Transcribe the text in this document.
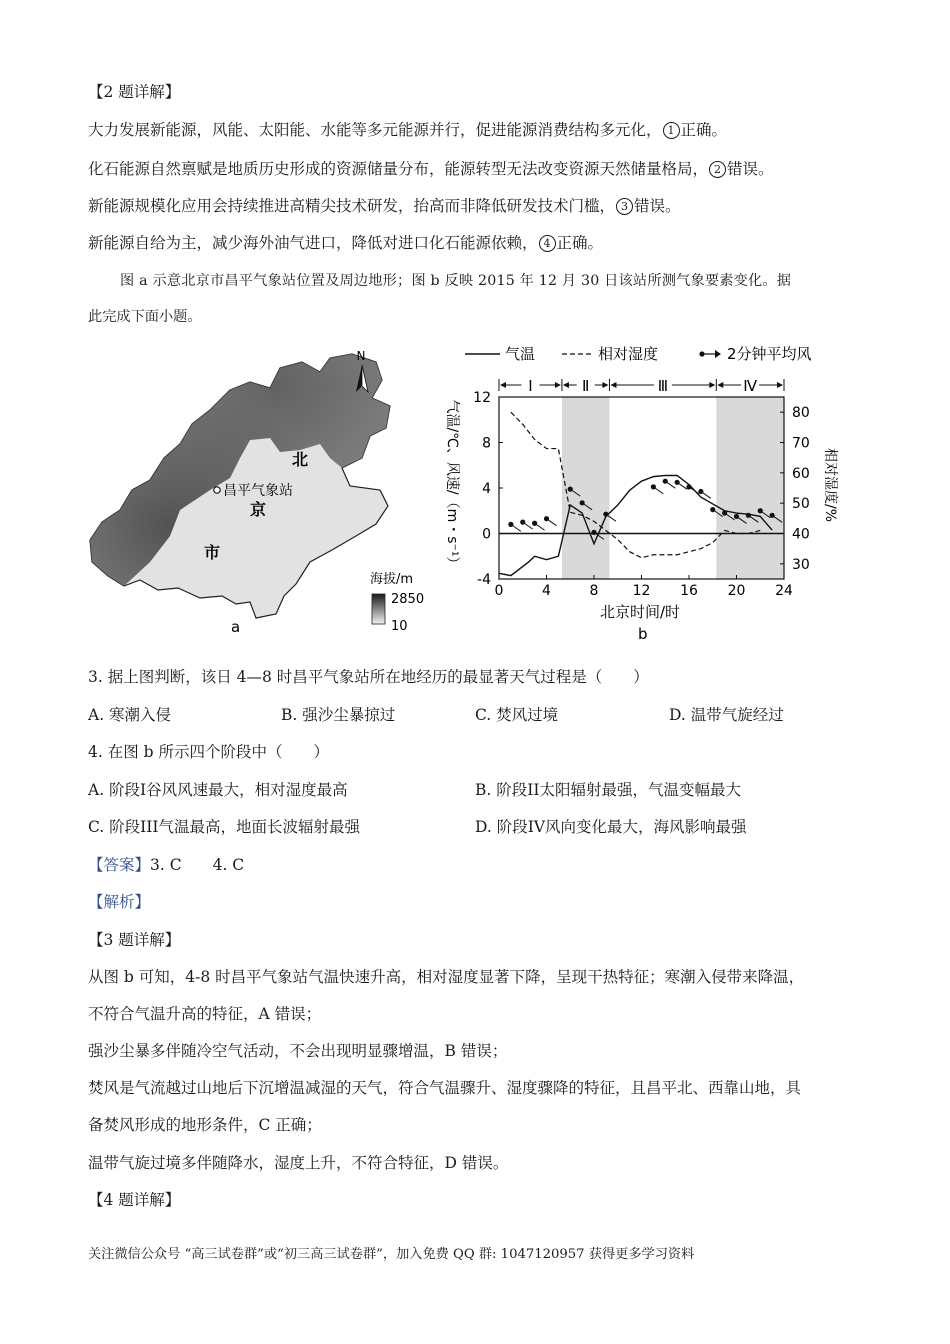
【2 题详解】
大力发展新能源，风能、太阳能、水能等多元能源并行，促进能源消费结构多元化， 1 正确。
化石能源自然禀赋是地质历史形成的资源储量分布，能源转型无法改变资源天然储量格局， 2 错误。
新能源规模化应用会持续推进高精尖技术研发，抬高而非降低研发技术门槛， 3 错误。
新能源自给为主，减少海外油气进口，降低对进口化石能源依赖， 4 正确。
图 a 示意北京市昌平气象站位置及周边地形；图 b 反映 2015 年 12 月 30 日该站所测气象要素变化。据
此完成下面小题。
N
昌平气象站
北
京
市
海拔/m
2850
10
a
气温	相对湿度	2分钟平均风
Ⅰ	Ⅱ	Ⅲ	Ⅳ
0	4	8 12 16 20 24
-4
0
4
8
12
30
40
50
60
70
80
北京时间/时
b
气温/℃、风速/（m・s⁻¹）	相对湿度/%
3. 据上图判断，该日 4—8 时昌平气象站所在地经历的最显著天气过程是（　　）
A. 寒潮入侵	B. 强沙尘暴掠过	C. 焚风过境	D. 温带气旋经过
4. 在图 b 所示四个阶段中（　　）
A. 阶段I谷风风速最大，相对湿度最高	B. 阶段II太阳辐射最强，气温变幅最大
C. 阶段III气温最高，地面长波辐射最强	D. 阶段IV风向变化最大，海风影响最强
【答案】3. C　　4. C
【解析】
【3 题详解】
从图 b 可知，4-8 时昌平气象站气温快速升高，相对湿度显著下降，呈现干热特征；寒潮入侵带来降温，
不符合气温升高的特征，A 错误；
强沙尘暴多伴随冷空气活动，不会出现明显骤增温，B 错误；
焚风是气流越过山地后下沉增温减湿的天气，符合气温骤升、湿度骤降的特征，且昌平北、西靠山地，具
备焚风形成的地形条件，C 正确；
温带气旋过境多伴随降水，湿度上升，不符合特征，D 错误。
【4 题详解】
关注微信公众号 “高三试卷群”或“初三高三试卷群”，加入免费 QQ 群: 1047120957 获得更多学习资料
